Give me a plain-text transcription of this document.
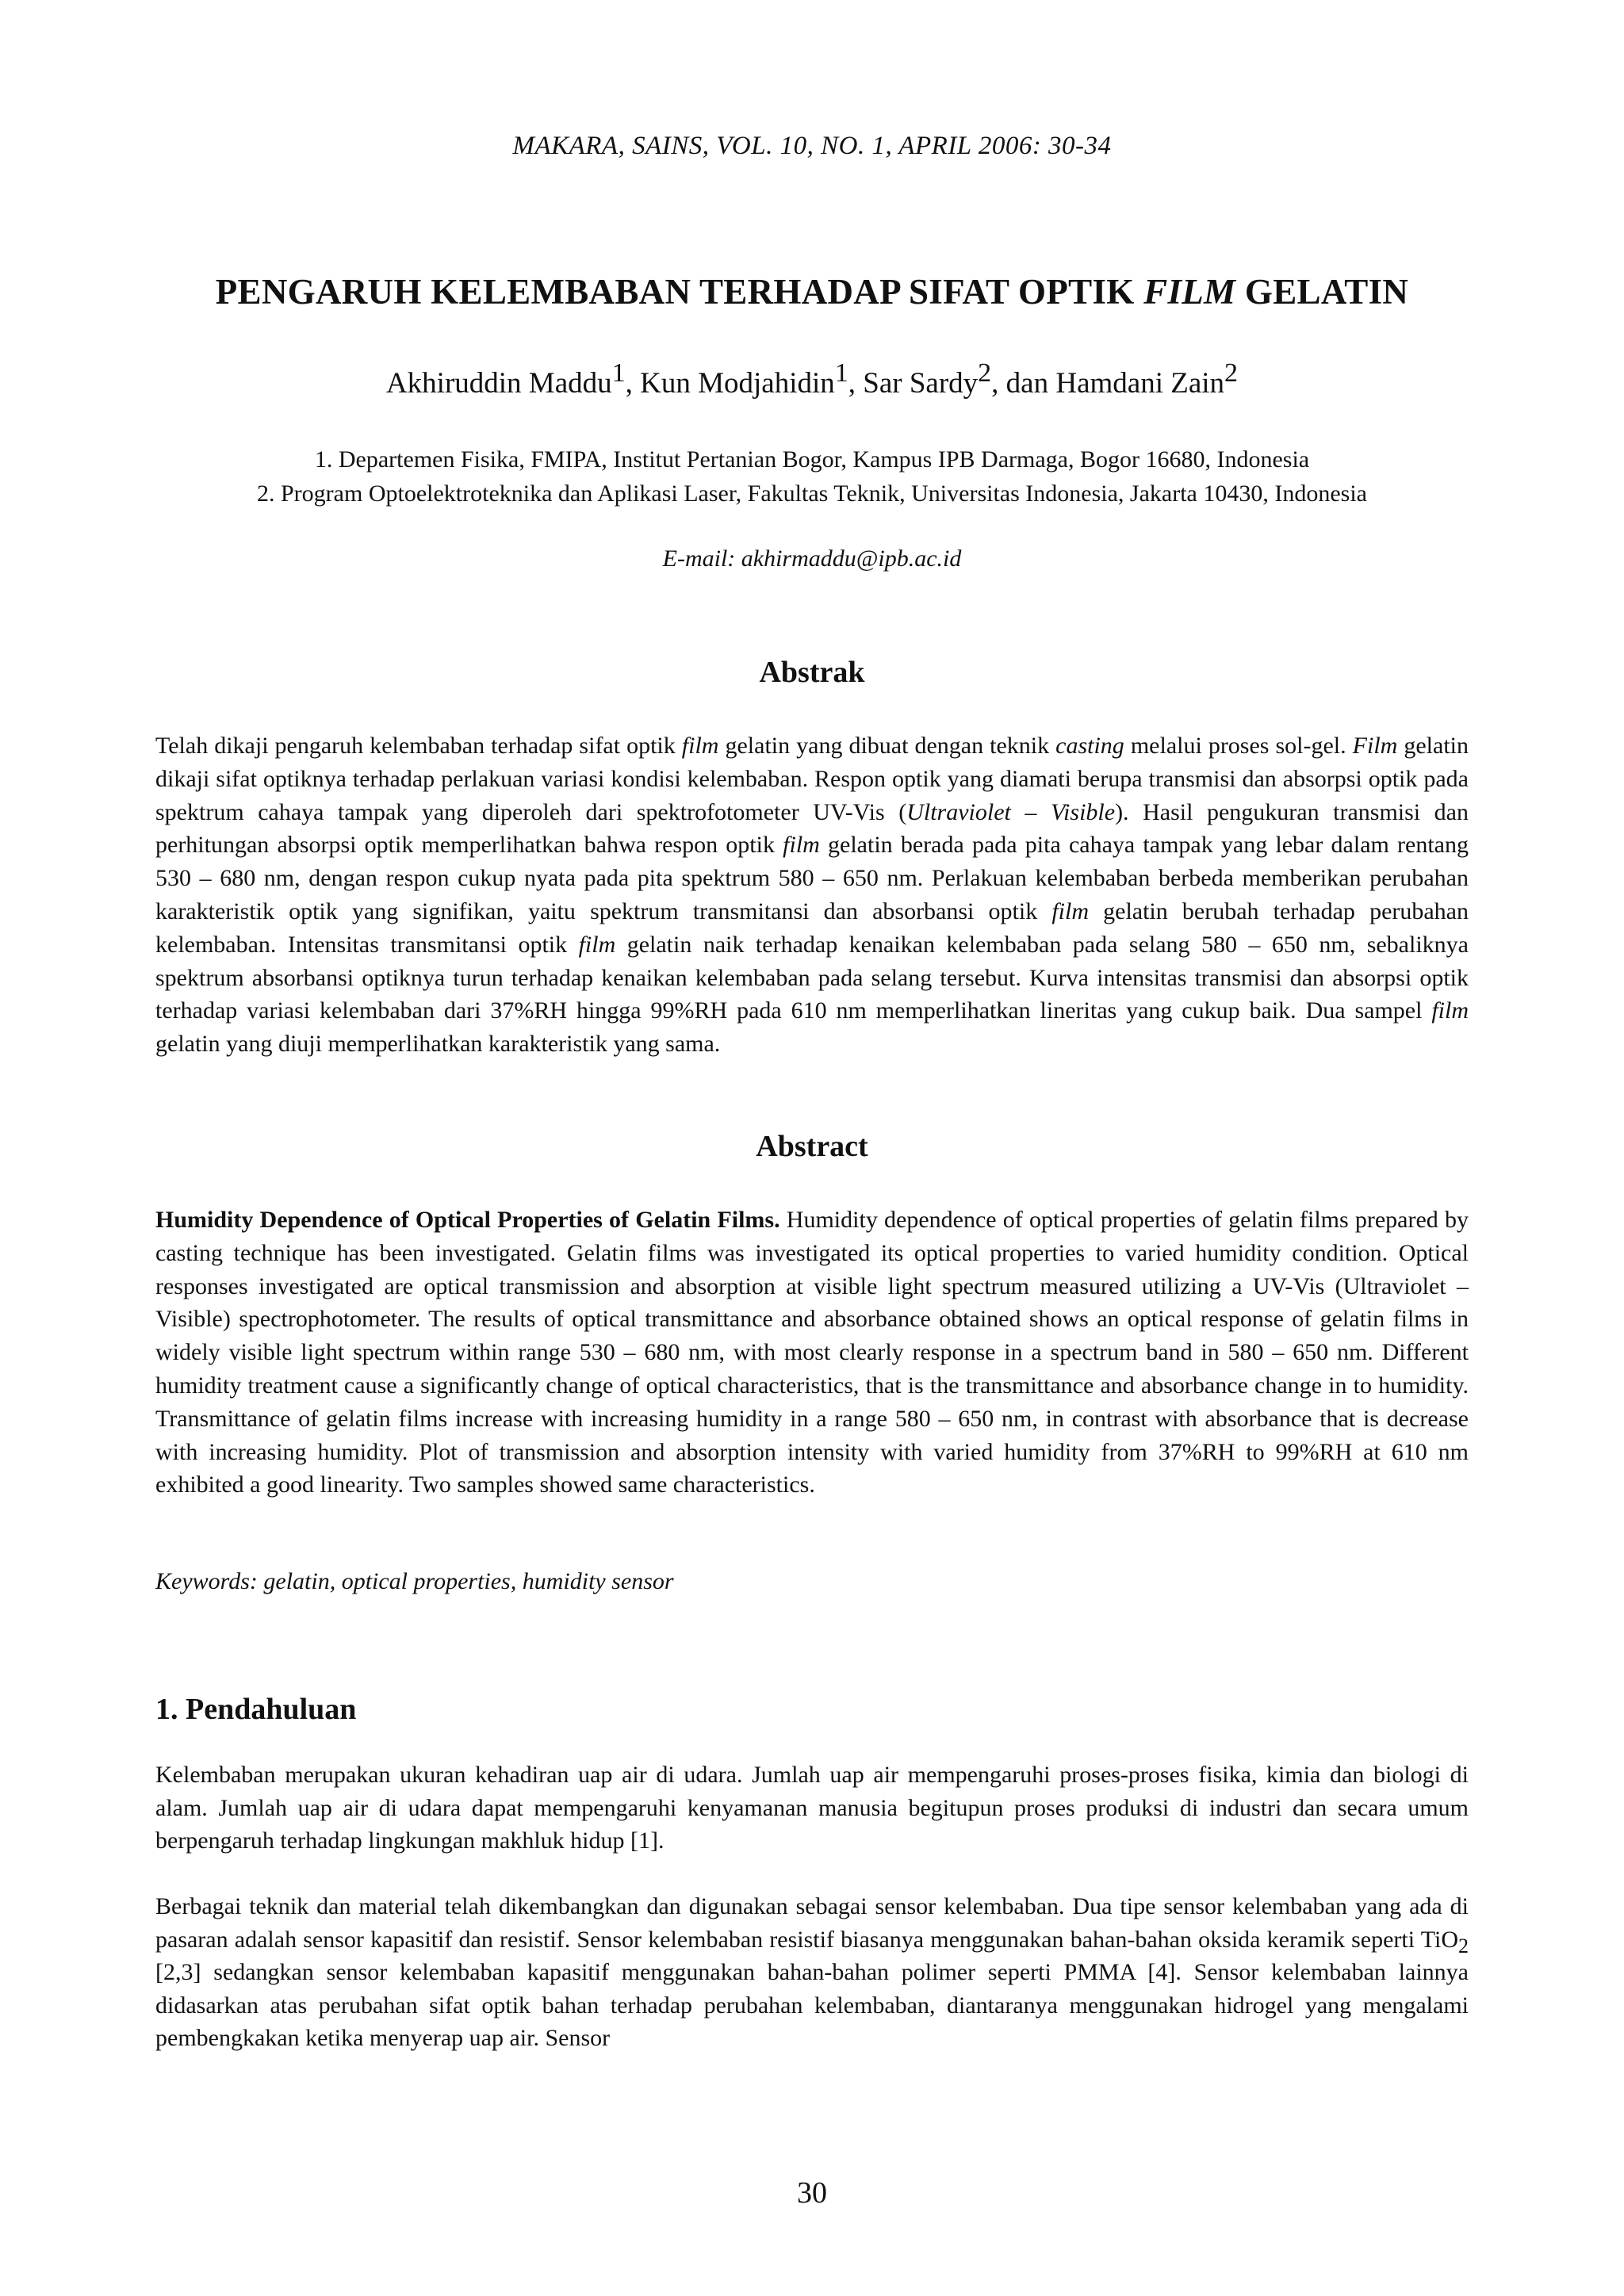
MAKARA, SAINS, VOL. 10, NO. 1, APRIL 2006: 30-34
PENGARUH KELEMBABAN TERHADAP SIFAT OPTIK FILM GELATIN
Akhiruddin Maddu$^1$, Kun Modjahidin$^1$, Sar Sardy$^2$, dan Hamdani Zain$^2$
1. Departemen Fisika, FMIPA, Institut Pertanian Bogor, Kampus IPB Darmaga, Bogor 16680, Indonesia
2. Program Optoelektroteknika dan Aplikasi Laser, Fakultas Teknik, Universitas Indonesia, Jakarta 10430, Indonesia
E-mail: akhirmaddu@ipb.ac.id
Abstrak
Telah dikaji pengaruh kelembaban terhadap sifat optik film gelatin yang dibuat dengan teknik casting melalui proses sol-gel. Film gelatin dikaji sifat optiknya terhadap perlakuan variasi kondisi kelembaban. Respon optik yang diamati berupa transmisi dan absorpsi optik pada spektrum cahaya tampak yang diperoleh dari spektrofotometer UV-Vis (Ultraviolet – Visible). Hasil pengukuran transmisi dan perhitungan absorpsi optik memperlihatkan bahwa respon optik film gelatin berada pada pita cahaya tampak yang lebar dalam rentang 530 – 680 nm, dengan respon cukup nyata pada pita spektrum 580 – 650 nm. Perlakuan kelembaban berbeda memberikan perubahan karakteristik optik yang signifikan, yaitu spektrum transmitansi dan absorbansi optik film gelatin berubah terhadap perubahan kelembaban. Intensitas transmitansi optik film gelatin naik terhadap kenaikan kelembaban pada selang 580 – 650 nm, sebaliknya spektrum absorbansi optiknya turun terhadap kenaikan kelembaban pada selang tersebut. Kurva intensitas transmisi dan absorpsi optik terhadap variasi kelembaban dari 37%RH hingga 99%RH pada 610 nm memperlihatkan lineritas yang cukup baik. Dua sampel film gelatin yang diuji memperlihatkan karakteristik yang sama.
Abstract
Humidity Dependence of Optical Properties of Gelatin Films. Humidity dependence of optical properties of gelatin films prepared by casting technique has been investigated. Gelatin films was investigated its optical properties to varied humidity condition. Optical responses investigated are optical transmission and absorption at visible light spectrum measured utilizing a UV-Vis (Ultraviolet – Visible) spectrophotometer. The results of optical transmittance and absorbance obtained shows an optical response of gelatin films in widely visible light spectrum within range 530 – 680 nm, with most clearly response in a spectrum band in 580 – 650 nm. Different humidity treatment cause a significantly change of optical characteristics, that is the transmittance and absorbance change in to humidity. Transmittance of gelatin films increase with increasing humidity in a range 580 – 650 nm, in contrast with absorbance that is decrease with increasing humidity. Plot of transmission and absorption intensity with varied humidity from 37%RH to 99%RH at 610 nm exhibited a good linearity. Two samples showed same characteristics.
Keywords: gelatin, optical properties, humidity sensor
1. Pendahuluan
Kelembaban merupakan ukuran kehadiran uap air di udara. Jumlah uap air mempengaruhi proses-proses fisika, kimia dan biologi di alam. Jumlah uap air di udara dapat mempengaruhi kenyamanan manusia begitupun proses produksi di industri dan secara umum berpengaruh terhadap lingkungan makhluk hidup [1].
Berbagai teknik dan material telah dikembangkan dan digunakan sebagai sensor kelembaban. Dua tipe sensor kelembaban yang ada di pasaran adalah sensor kapasitif dan resistif. Sensor kelembaban resistif biasanya menggunakan bahan-bahan oksida keramik seperti TiO2 [2,3] sedangkan sensor kelembaban kapasitif menggunakan bahan-bahan polimer seperti PMMA [4]. Sensor kelembaban lainnya didasarkan atas perubahan sifat optik bahan terhadap perubahan kelembaban, diantaranya menggunakan hidrogel yang mengalami pembengkakan ketika menyerap uap air. Sensor
30
